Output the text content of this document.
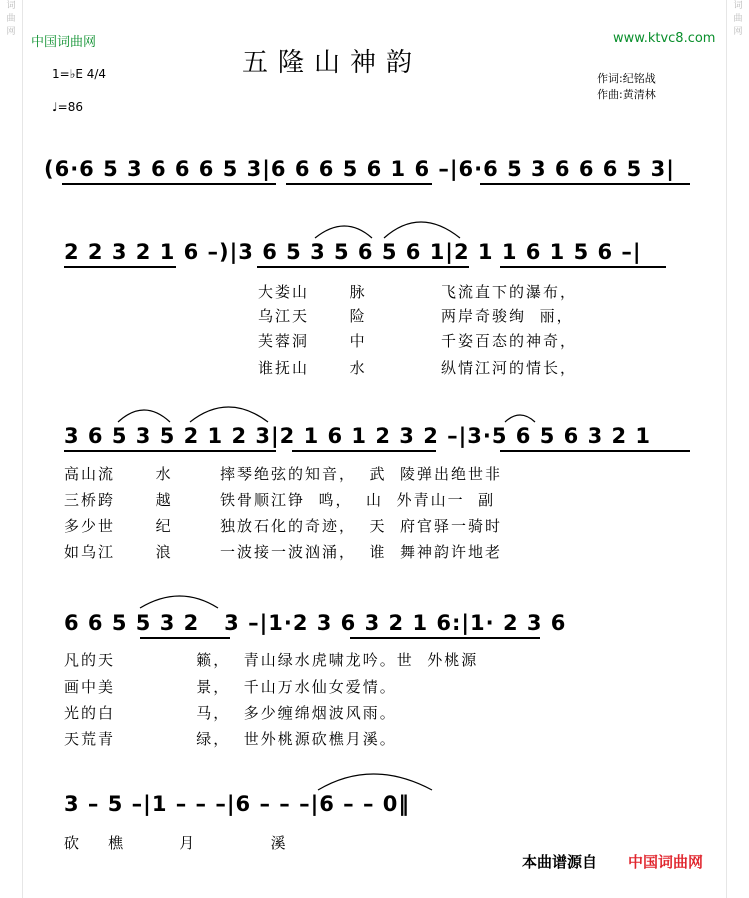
词曲网
词曲网
中国词曲网	www.ktvc8.com
五隆山神韵
作词:纪铭战
作曲:黄清林
1=♭E 4/4
♩=86
(6·6 5 3 6 6 6 5 3|6 6 6 5 6 1 6 –|6·6 5 3 6 6 6 5 3|
2 2 3 2 1 6 –)|3 6 5 3 5 6 5 6 1|2 1 1 6 1 5 6 –|
大娄山      脉           飞流直下的瀑布，
乌江天      险           两岸奇骏绚  丽，
芙蓉洞      中           千姿百态的神奇，
谁抚山      水           纵情江河的情长，
3 6 5 3 5 2 1 2 3|2 1 6 1 2 3 2 –|3·5 6 5 6 3 2 1
高山流      水       摔琴绝弦的知音，  武  陵弹出绝世非
三桥跨      越       铁骨顺江铮  鸣，  山  外青山一  副
多少世      纪       独放石化的奇迹，  天  府官驿一骑时
如乌江      浪       一波接一波汹涌，  谁  舞神韵许地老
6 6 5 5 3 2   3 –|1·2 3 6 3 2 1 6:|1· 2 3 6
凡的天            籁，  青山绿水虎啸龙吟。世  外桃源
画中美            景，  千山万水仙女爱情。
光的白            马，  多少缠绵烟波风雨。
天荒青            绿，  世外桃源砍樵月溪。
3 – 5 –|1 – – –|6 – – –|6 – – 0‖
砍    樵        月           溪
本曲谱源自 中国词曲网
